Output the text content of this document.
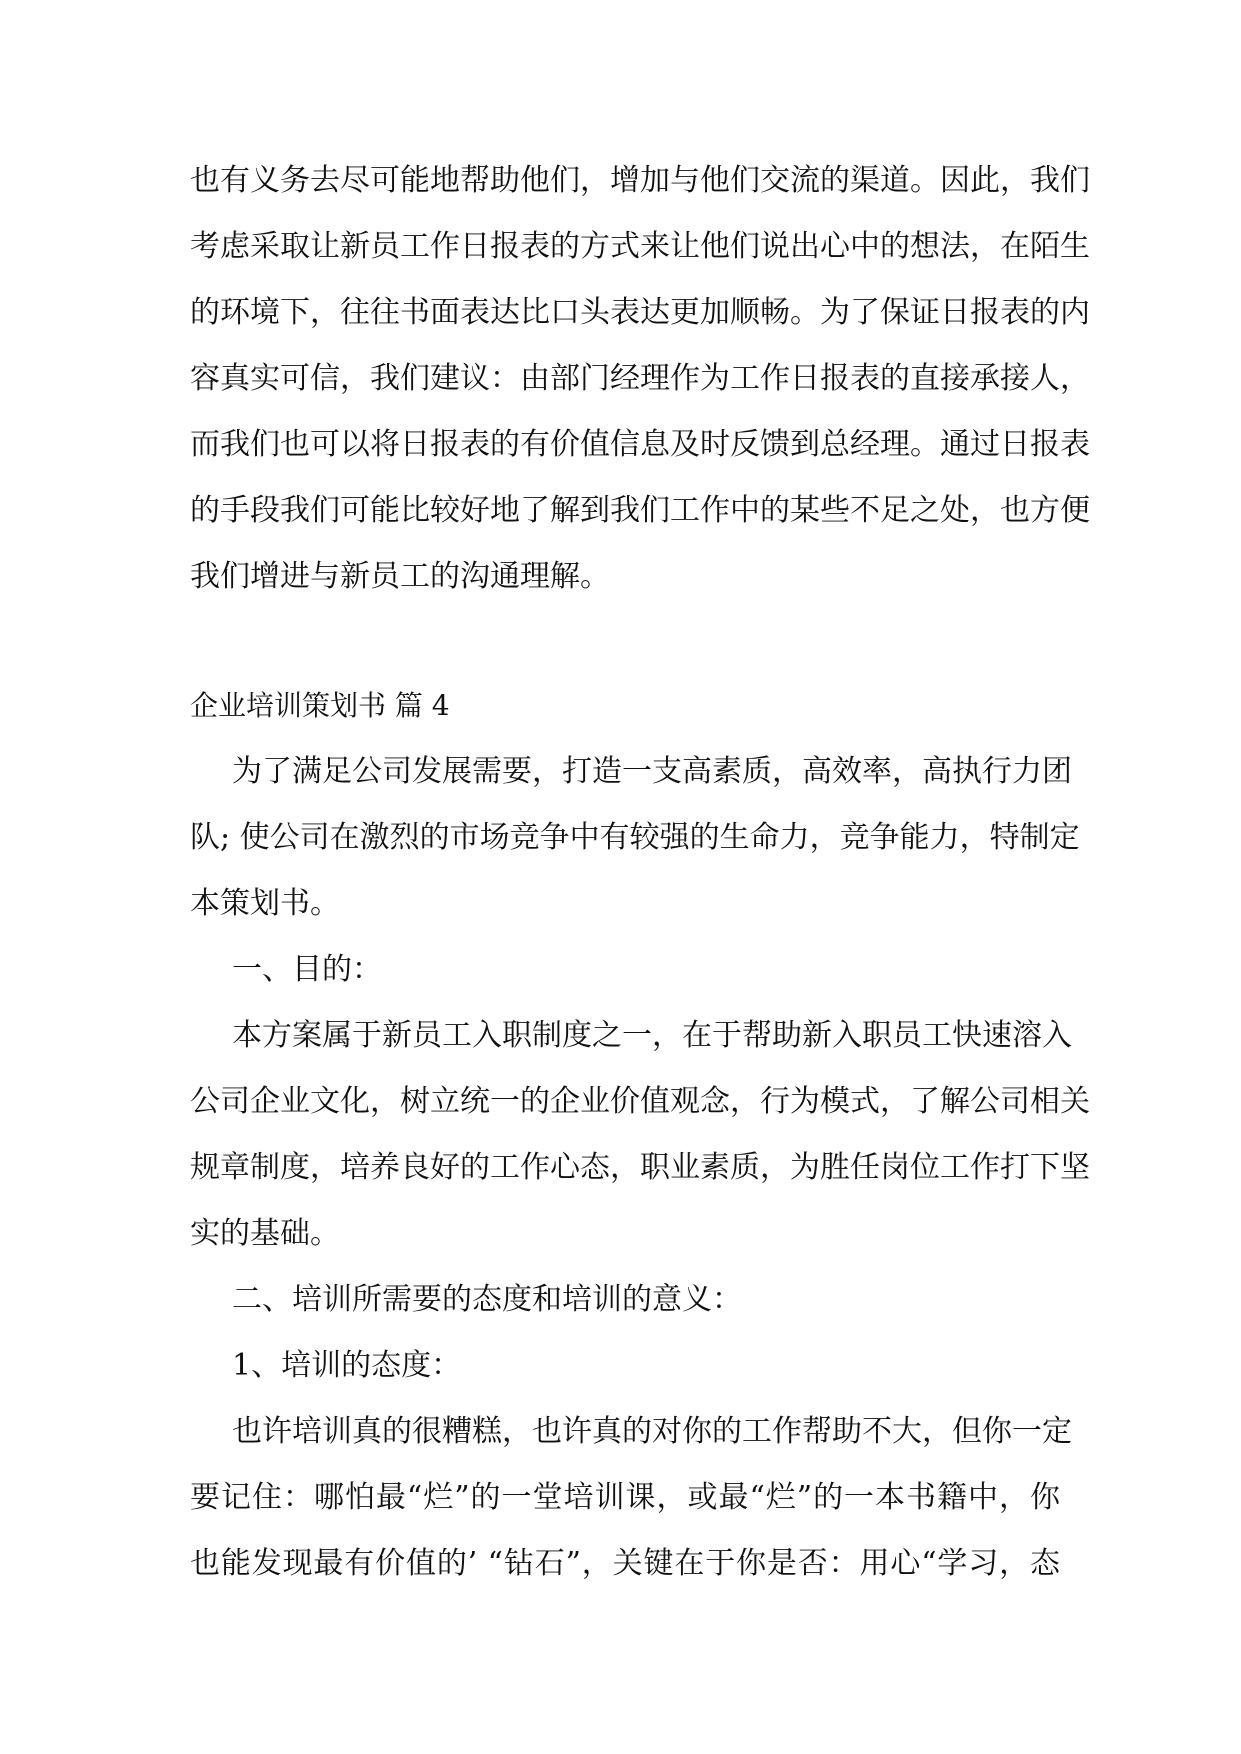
也有义务去尽可能地帮助他们，增加与他们交流的渠道。因此，我们
考虑采取让新员工作日报表的方式来让他们说出心中的想法，在陌生
的环境下，往往书面表达比口头表达更加顺畅。为了保证日报表的内
容真实可信，我们建议：由部门经理作为工作日报表的直接承接人，
而我们也可以将日报表的有价值信息及时反馈到总经理。通过日报表
的手段我们可能比较好地了解到我们工作中的某些不足之处，也方便
我们增进与新员工的沟通理解。
企业培训策划书 篇 4
为了满足公司发展需要，打造一支高素质，高效率，高执行力团
队; 使公司在激烈的市场竞争中有较强的生命力，竞争能力，特制定
本策划书。
一、目的：
本方案属于新员工入职制度之一，在于帮助新入职员工快速溶入
公司企业文化，树立统一的企业价值观念，行为模式，了解公司相关
规章制度，培养良好的工作心态，职业素质，为胜任岗位工作打下坚
实的基础。
二、培训所需要的态度和培训的意义：
1、培训的态度：
也许培训真的很糟糕，也许真的对你的工作帮助不大，但你一定
要记住：哪怕最“烂”的一堂培训课，或最“烂”的一本书籍中，你
也能发现最有价值的’ “钻石”，关键在于你是否：用心“学习，态
